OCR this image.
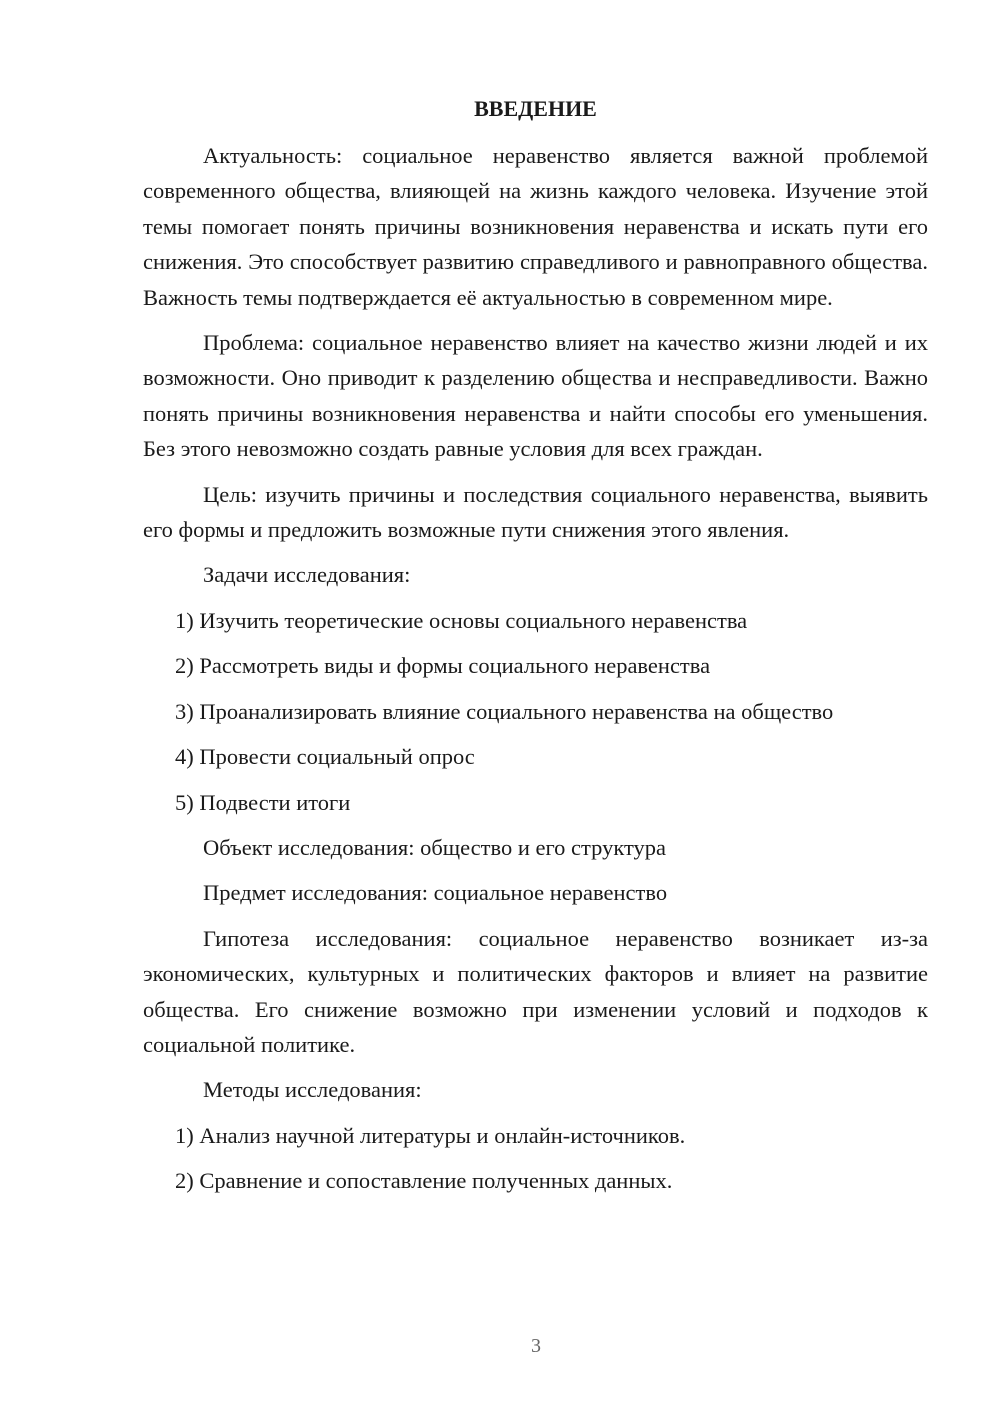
ВВЕДЕНИЕ

Актуальность: социальное неравенство является важной проблемой современного общества, влияющей на жизнь каждого человека. Изучение этой темы помогает понять причины возникновения неравенства и искать пути его снижения. Это способствует развитию справедливого и равноправного общества. Важность темы подтверждается её актуальностью в современном мире.

Проблема: социальное неравенство влияет на качество жизни людей и их возможности. Оно приводит к разделению общества и несправедливости. Важно понять причины возникновения неравенства и найти способы его уменьшения. Без этого невозможно создать равные условия для всех граждан.

Цель: изучить причины и последствия социального неравенства, выявить его формы и предложить возможные пути снижения этого явления.

Задачи исследования:

1) Изучить теоретические основы социального неравенства

2) Рассмотреть виды и формы социального неравенства

3) Проанализировать влияние социального неравенства на общество

4) Провести социальный опрос

5) Подвести итоги

Объект исследования: общество и его структура

Предмет исследования: социальное неравенство

Гипотеза исследования: социальное неравенство возникает из-за экономических, культурных и политических факторов и влияет на развитие общества. Его снижение возможно при изменении условий и подходов к социальной политике.

Методы исследования:

1) Анализ научной литературы и онлайн-источников.

2) Сравнение и сопоставление полученных данных.

3
